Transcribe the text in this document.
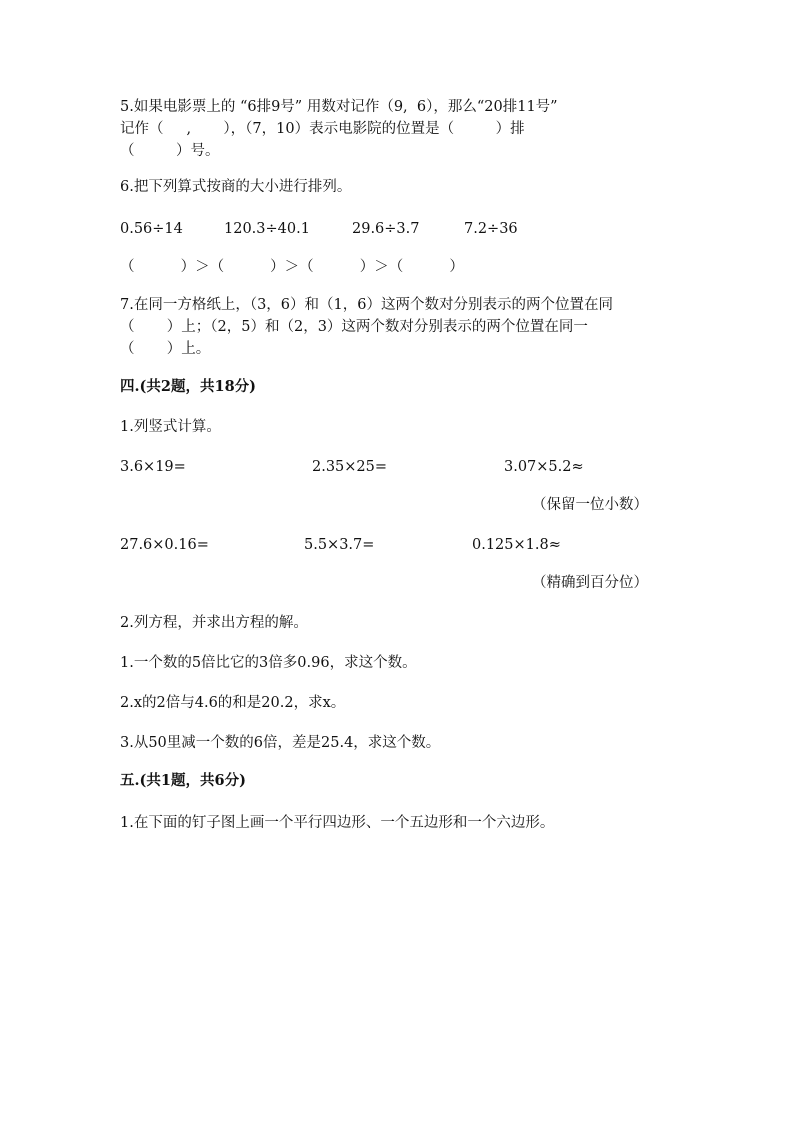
5.如果电影票上的 “6排9号” 用数对记作（9,  6），那么“20排11号”
记作（     ,       ），（7，10）表示电影院的位置是（         ）排
（         ）号。
6.把下列算式按商的大小进行排列。
0.56÷14	120.3÷40.1	29.6÷3.7	7.2÷36
（          ）＞（          ）＞（          ）＞（          ）
7.在同一方格纸上，（3，6）和（1，6）这两个数对分别表示的两个位置在同
（       ）上；（2，5）和（2，3）这两个数对分别表示的两个位置在同一
（       ）上。
四.(共2题，共18分)
1.列竖式计算。
3.6×19=	2.35×25=	3.07×5.2≈
（保留一位小数）
27.6×0.16=	5.5×3.7=	0.125×1.8≈
（精确到百分位）
2.列方程，并求出方程的解。
1.一个数的5倍比它的3倍多0.96，求这个数。
2.x的2倍与4.6的和是20.2，求x。
3.从50里减一个数的6倍，差是25.4，求这个数。
五.(共1题，共6分)
1.在下面的钉子图上画一个平行四边形、一个五边形和一个六边形。
